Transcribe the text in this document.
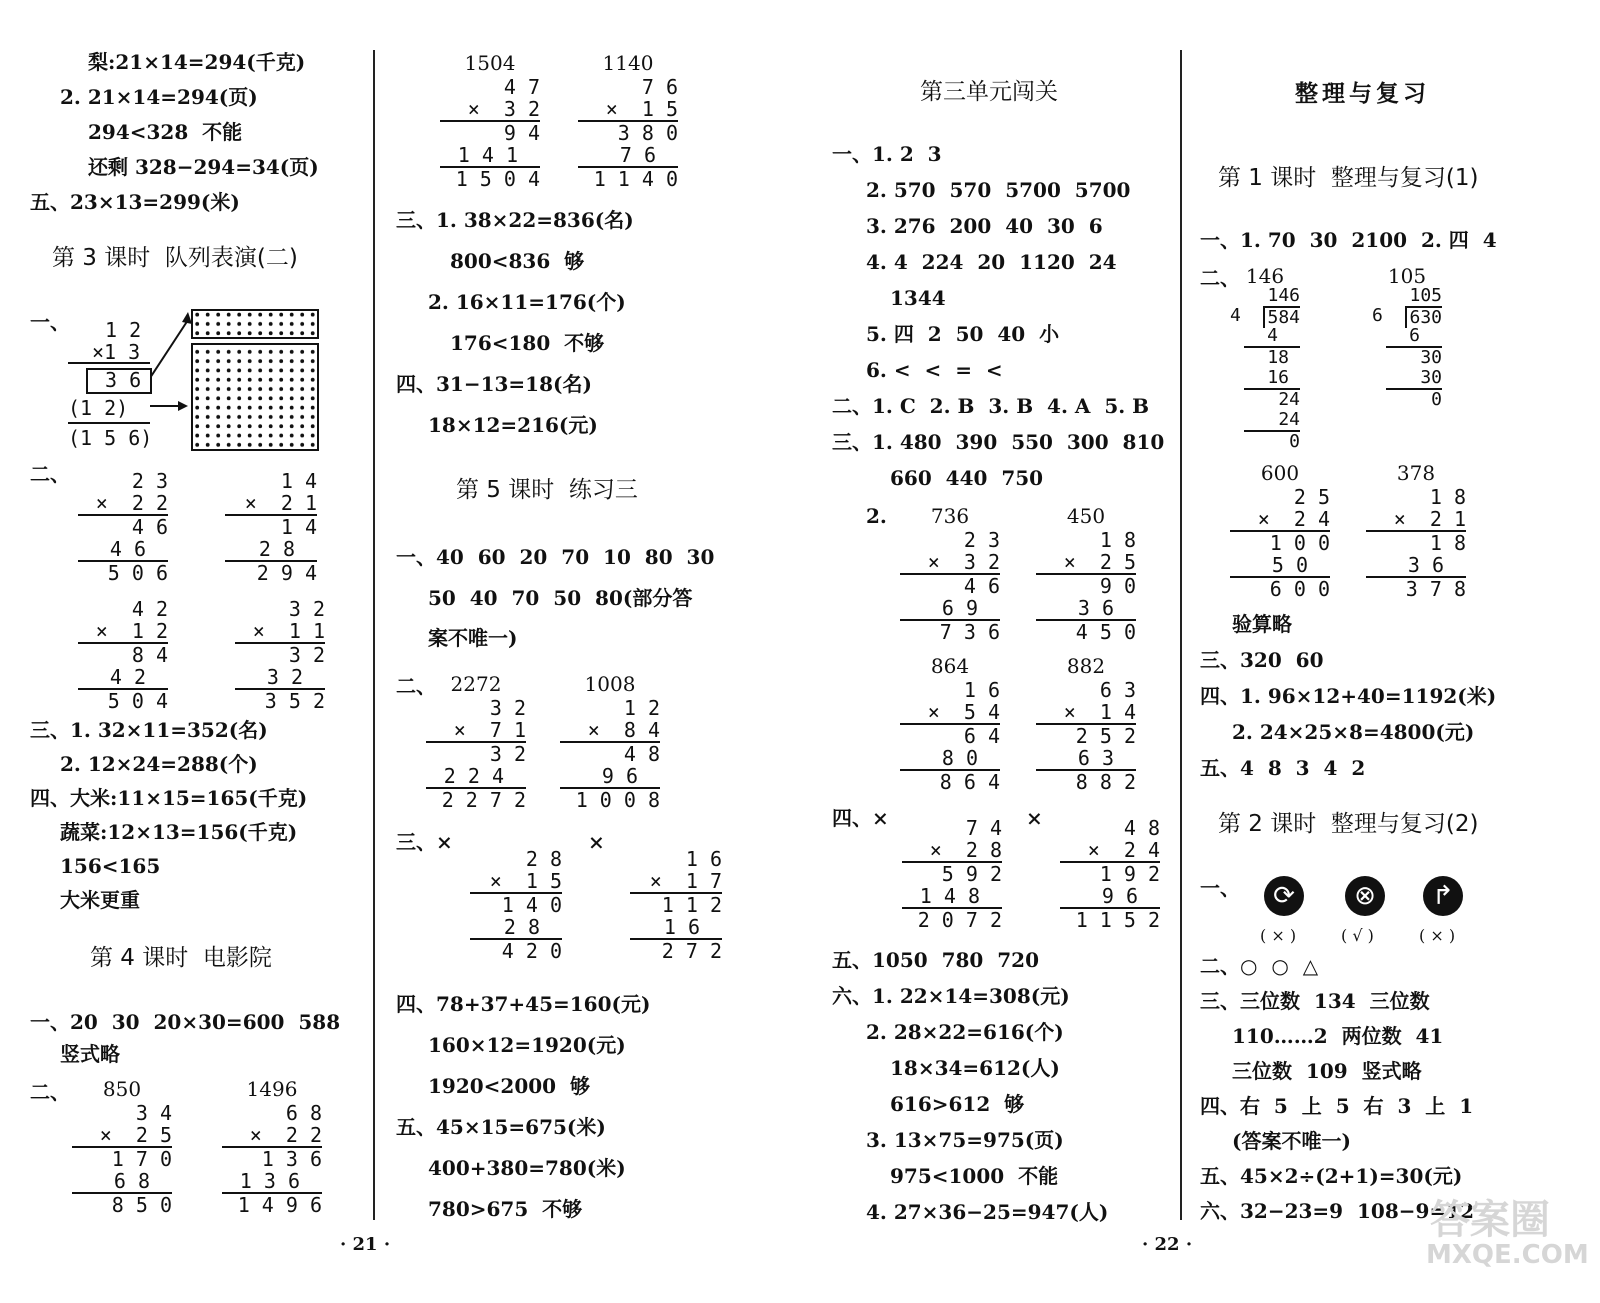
梨:21×14=294(千克)
2. 21×14=294(页)
294<328  不能
还剩 328−294=34(页)
五、23×13=299(米)
第 3 课时  队列表演(二)
一、 1 2
×1 3
3 6
(1 2)
(1 5 6)
二、	2 3
×  2 2
4 6
4 6
5 0 6
1 4
×  2 1
1 4
2 8
2 9 4
4 2
×  1 2
8 4
4 2
5 0 4
3 2
×  1 1
3 2
3 2
3 5 2
三、1. 32×11=352(名)
2. 12×24=288(个)
四、大米:11×15=165(千克)
蔬菜:12×13=156(千克)
156<165
大米更重
第 4 课时  电影院
一、20  30  20×30=600  588
竖式略
二、	850
3 4
×  2 5
1 7 0
6 8
8 5 0
1496
6 8
×  2 2
1 3 6
1 3 6
1 4 9 6
1504
4 7
×  3 2
9 4
1 4 1
1 5 0 4
1140
7 6
×  1 5
3 8 0
7 6
1 1 4 0
三、1. 38×22=836(名)
800<836  够
2. 16×11=176(个)
176<180  不够
四、31−13=18(名)
18×12=216(元)
第 5 课时  练习三
一、40  60  20  70  10  80  30
50  40  70  50  80(部分答
案不唯一)
二、 2272
3 2
×  7 1
3 2
2 2 4
2 2 7 2
1008
1 2
×  8 4
4 8
9 6
1 0 0 8
三、×	×
2 8
×  1 5
1 4 0
2 8
4 2 0
1 6
×  1 7
1 1 2
1 6
2 7 2
四、78+37+45=160(元)
160×12=1920(元)
1920<2000  够
五、45×15=675(米)
400+380=780(米)
780>675  不够
· 21 ·
第三单元闯关
一、1. 2  3
2. 570  570  5700  5700
3. 276  200  40  30  6
4. 4  224  20  1120  24
1344
5. 四  2  50  40  小
6. <  <  =  <
二、1. C  2. B  3. B  4. A  5. B
三、1. 480  390  550  300  810
660  440  750
2.	736
2 3
×  3 2
4 6
6 9
7 3 6
450
1 8
×  2 5
9 0
3 6
4 5 0
864
1 6
×  5 4
6 4
8 0
8 6 4
882
6 3
×  1 4
2 5 2
6 3
8 8 2
四、×	×
7 4
×  2 8
5 9 2
1 4 8
2 0 7 2
4 8
×  2 4
1 9 2
9 6
1 1 5 2
五、1050  780  720
六、1. 22×14=308(元)
2. 28×22=616(个)
18×34=612(人)
616>612  够
3. 13×75=975(页)
975<1000  不能
4. 27×36−25=947(人)
整理与复习
第 1 课时  整理与复习(1)
一、1. 70  30  2100  2. 四  4
二、 146
146
4 584
4
18
16
24
24
0
105
105
6 630
6
30
30
0
600
2 5
×  2 4
1 0 0
5 0
6 0 0
378
1 8
×  2 1
1 8
3 6
3 7 8
验算略
三、320  60
四、1. 96×12+40=1192(米)
2. 24×25×8=4800(元)
五、4  8  3  4  2
第 2 课时  整理与复习(2)
一、	⟳	⊗	↱
( × )	( √ )	( × )
二、○  ○  △
三、三位数  134  三位数
110……2  两位数  41
三位数  109  竖式略
四、右  5  上  5  右  3  上  1
(答案不唯一)
五、45×2÷(2+1)=30(元)
六、32−23=9  108−9=12
· 22 ·
答案圈
MXQE.COM
